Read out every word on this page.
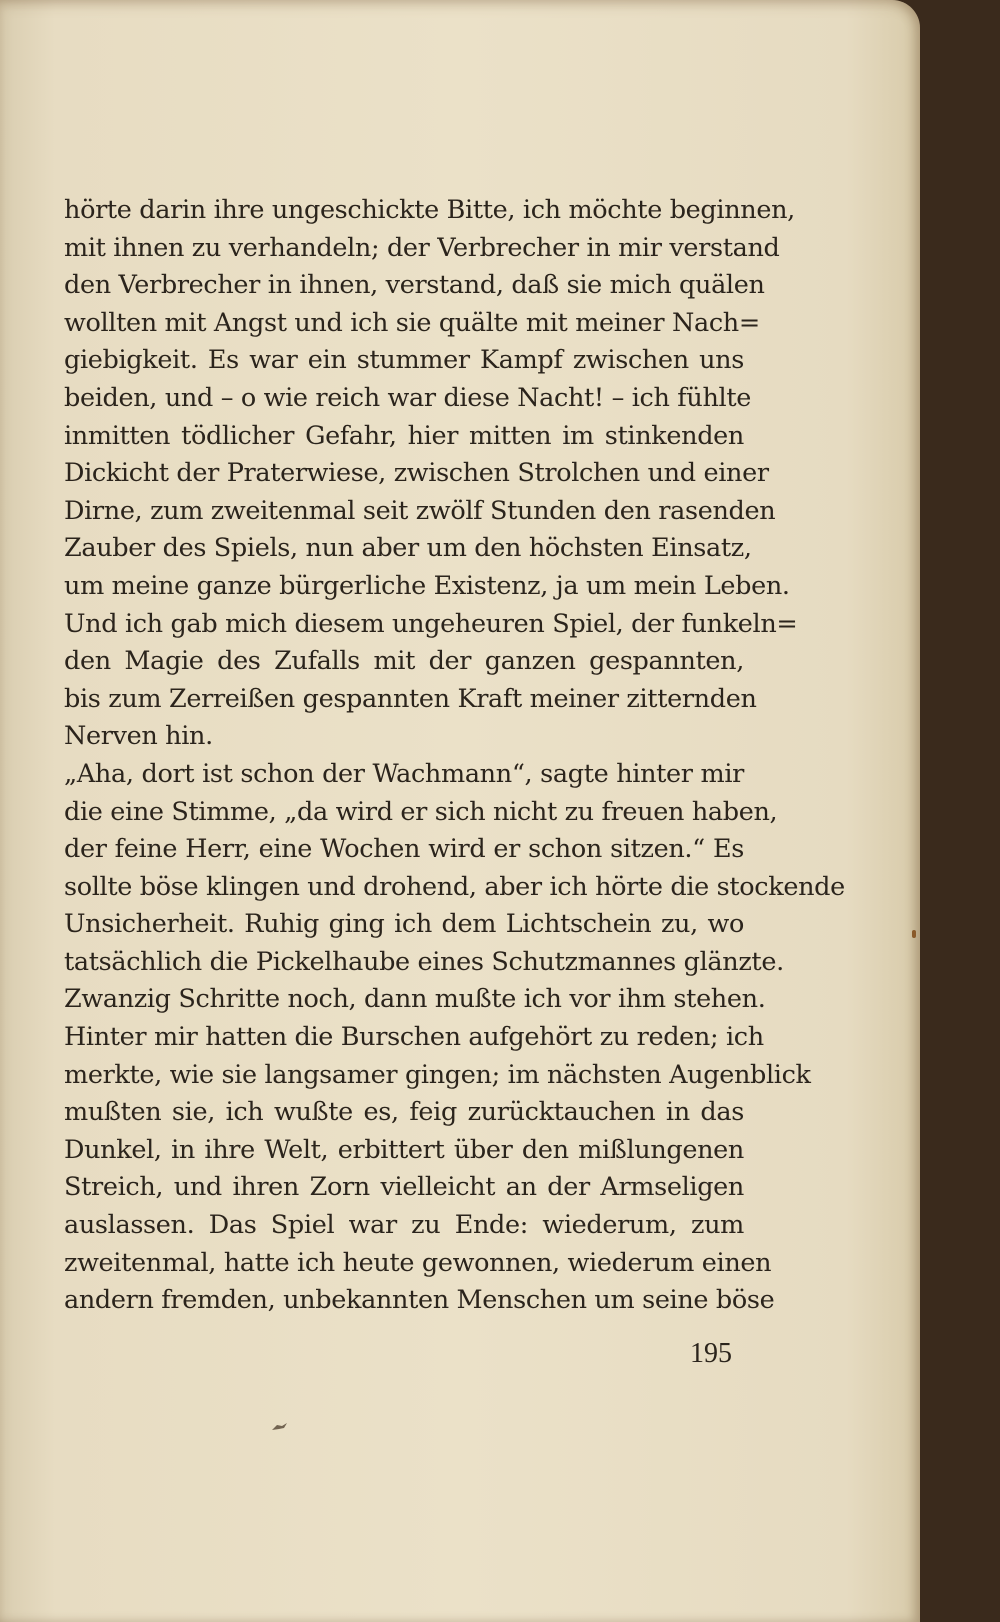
hörte darin ihre ungeschickte Bitte, ich möchte beginnen,
mit ihnen zu verhandeln; der Verbrecher in mir verstand
den Verbrecher in ihnen, verstand, daß sie mich quälen
wollten mit Angst und ich sie quälte mit meiner Nach=
giebigkeit. Es war ein stummer Kampf zwischen uns
beiden, und – o wie reich war diese Nacht! – ich fühlte
inmitten tödlicher Gefahr, hier mitten im stinkenden
Dickicht der Praterwiese, zwischen Strolchen und einer
Dirne, zum zweitenmal seit zwölf Stunden den rasenden
Zauber des Spiels, nun aber um den höchsten Einsatz,
um meine ganze bürgerliche Existenz, ja um mein Leben.
Und ich gab mich diesem ungeheuren Spiel, der funkeln=
den Magie des Zufalls mit der ganzen gespannten,
bis zum Zerreißen gespannten Kraft meiner zitternden
Nerven hin.
„Aha, dort ist schon der Wachmann“, sagte hinter mir
die eine Stimme, „da wird er sich nicht zu freuen haben,
der feine Herr, eine Wochen wird er schon sitzen.“ Es
sollte böse klingen und drohend, aber ich hörte die stockende
Unsicherheit. Ruhig ging ich dem Lichtschein zu, wo
tatsächlich die Pickelhaube eines Schutzmannes glänzte.
Zwanzig Schritte noch, dann mußte ich vor ihm stehen.
Hinter mir hatten die Burschen aufgehört zu reden; ich
merkte, wie sie langsamer gingen; im nächsten Augenblick
mußten sie, ich wußte es, feig zurücktauchen in das
Dunkel, in ihre Welt, erbittert über den mißlungenen
Streich, und ihren Zorn vielleicht an der Armseligen
auslassen. Das Spiel war zu Ende: wiederum, zum
zweitenmal, hatte ich heute gewonnen, wiederum einen
andern fremden, unbekannten Menschen um seine böse
195
